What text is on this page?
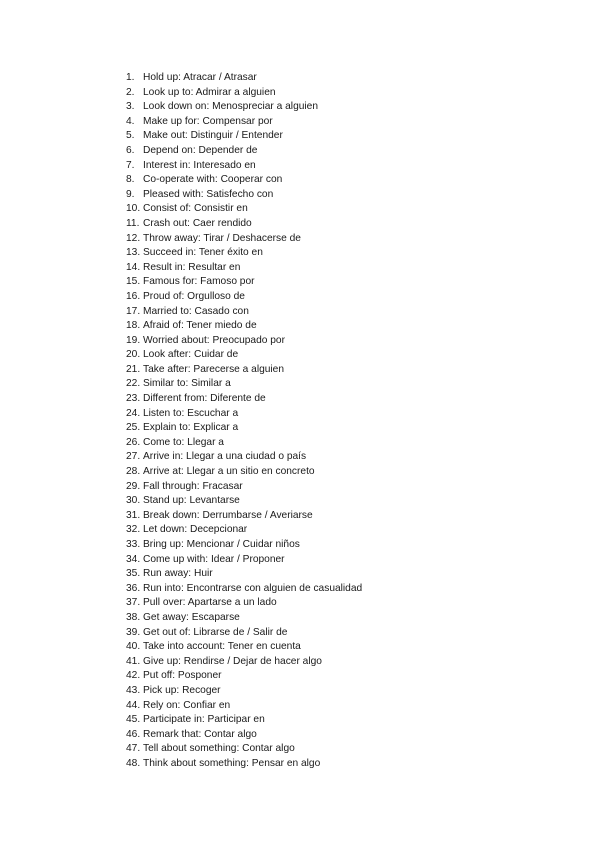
1. Hold up: Atracar / Atrasar
2. Look up to: Admirar a alguien
3. Look down on: Menospreciar a alguien
4. Make up for: Compensar por
5. Make out: Distinguir / Entender
6. Depend on: Depender de
7. Interest in: Interesado en
8. Co-operate with: Cooperar con
9. Pleased with: Satisfecho con
10. Consist of: Consistir en
11. Crash out: Caer rendido
12. Throw away: Tirar / Deshacerse de
13. Succeed in: Tener éxito en
14. Result in: Resultar en
15. Famous for: Famoso por
16. Proud of: Orgulloso de
17. Married to: Casado con
18. Afraid of: Tener miedo de
19. Worried about: Preocupado por
20. Look after: Cuidar de
21. Take after: Parecerse a alguien
22. Similar to: Similar a
23. Different from: Diferente de
24. Listen to: Escuchar a
25. Explain to: Explicar a
26. Come to: Llegar a
27. Arrive in: Llegar a una ciudad o país
28. Arrive at: Llegar a un sitio en concreto
29. Fall through: Fracasar
30. Stand up: Levantarse
31. Break down: Derrumbarse / Averiarse
32. Let down: Decepcionar
33. Bring up: Mencionar / Cuidar niños
34. Come up with: Idear / Proponer
35. Run away: Huir
36. Run into: Encontrarse con alguien de casualidad
37. Pull over: Apartarse a un lado
38. Get away: Escaparse
39. Get out of: Librarse de / Salir de
40. Take into account: Tener en cuenta
41. Give up: Rendirse / Dejar de hacer algo
42. Put off: Posponer
43. Pick up: Recoger
44. Rely on: Confiar en
45. Participate in: Participar en
46. Remark that: Contar algo
47. Tell about something: Contar algo
48. Think about something: Pensar en algo
